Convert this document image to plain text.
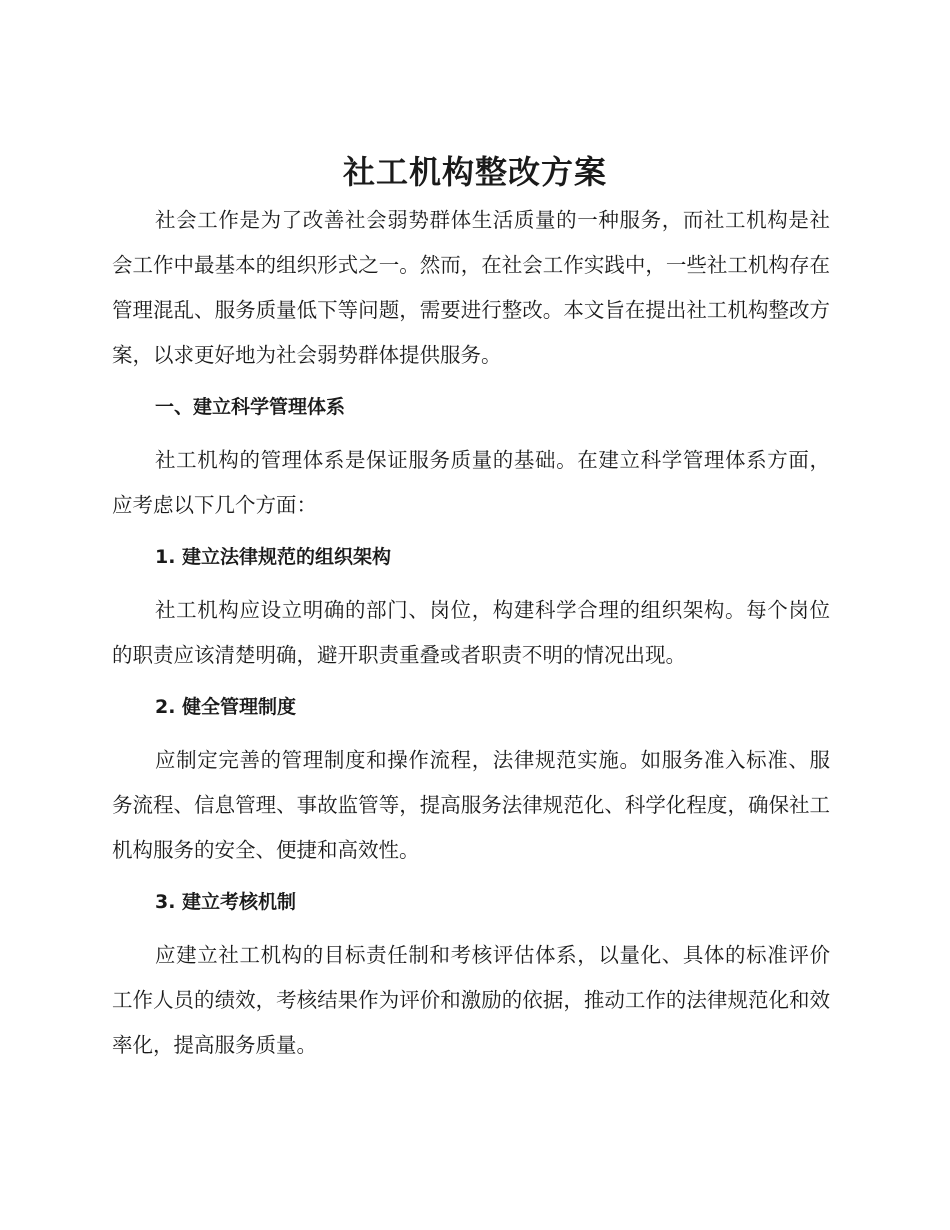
社工机构整改方案

社会工作是为了改善社会弱势群体生活质量的一种服务，而社工机构是社会工作中最基本的组织形式之一。然而，在社会工作实践中，一些社工机构存在管理混乱、服务质量低下等问题，需要进行整改。本文旨在提出社工机构整改方案，以求更好地为社会弱势群体提供服务。

一、建立科学管理体系

社工机构的管理体系是保证服务质量的基础。在建立科学管理体系方面，应考虑以下几个方面：

1. 建立法律规范的组织架构

社工机构应设立明确的部门、岗位，构建科学合理的组织架构。每个岗位的职责应该清楚明确，避开职责重叠或者职责不明的情况出现。

2. 健全管理制度

应制定完善的管理制度和操作流程，法律规范实施。如服务准入标准、服务流程、信息管理、事故监管等，提高服务法律规范化、科学化程度，确保社工机构服务的安全、便捷和高效性。

3. 建立考核机制

应建立社工机构的目标责任制和考核评估体系，以量化、具体的标准评价工作人员的绩效，考核结果作为评价和激励的依据，推动工作的法律规范化和效率化，提高服务质量。
